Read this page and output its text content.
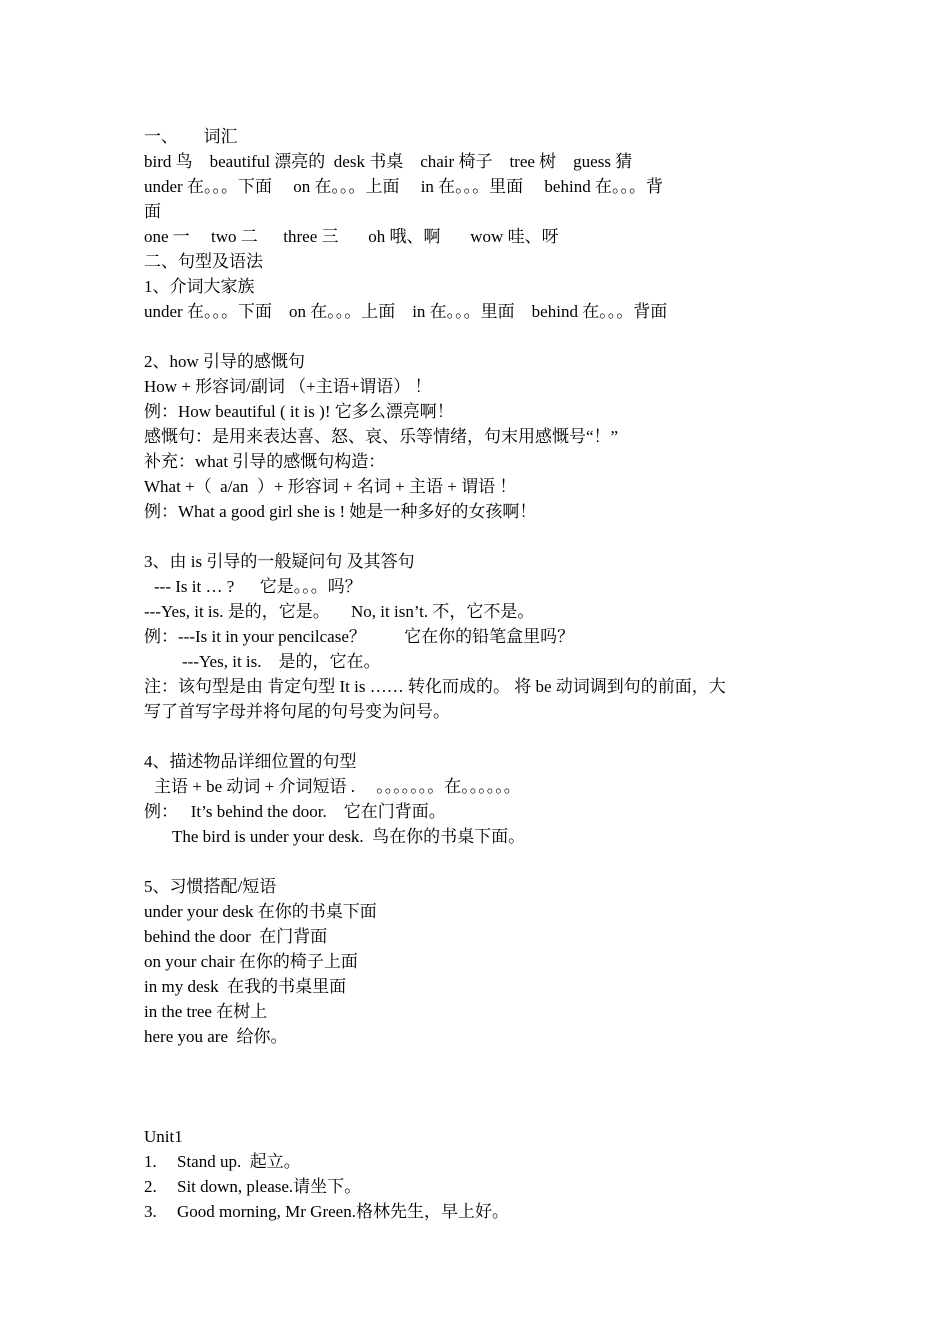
一、      词汇
bird 鸟    beautiful 漂亮的  desk 书桌    chair 椅子    tree 树    guess 猜
under 在。。。下面     on 在。。。上面     in 在。。。里面     behind 在。。。背
面
one 一     two 二      three 三       oh 哦、啊       wow 哇、呀
二、句型及语法
1、介词大家族
under 在。。。下面    on 在。。。上面    in 在。。。里面    behind 在。。。背面
2、how 引导的感慨句
How + 形容词/副词 （+主语+谓语） ！
例：How beautiful ( it is )! 它多么漂亮啊！
感慨句：是用来表达喜、怒、哀、乐等情绪，句末用感慨号“！”
补充：what 引导的感慨句构造：
What +（  a/an  ）+ 形容词 + 名词 + 主语 + 谓语 ！
例：What a good girl she is ! 她是一种多好的女孩啊！
3、由 is 引导的一般疑问句 及其答句
--- Is it … ?      它是。。。吗？
---Yes, it is. 是的，它是。     No, it isn’t. 不，它不是。
例：---Is it in your pencilcase？         它在你的铅笔盒里吗？
---Yes, it is.    是的，它在。
注：该句型是由 肯定句型 It is …… 转化而成的。 将 be 动词调到句的前面，大
写了首写字母并将句尾的句号变为问号。
4、描述物品详细位置的句型
主语 + be 动词 + 介词短语 .     。。。。。。。在。。。。。。
例：   It’s behind the door.    它在门背面。
The bird is under your desk.  鸟在你的书桌下面。
5、习惯搭配/短语
under your desk 在你的书桌下面
behind the door  在门背面
on your chair 在你的椅子上面
in my desk  在我的书桌里面
in the tree 在树上
here you are  给你。
Unit1
1. Stand up.  起立。
2. Sit down, please.请坐下。
3. Good morning, Mr Green.格林先生，早上好。
